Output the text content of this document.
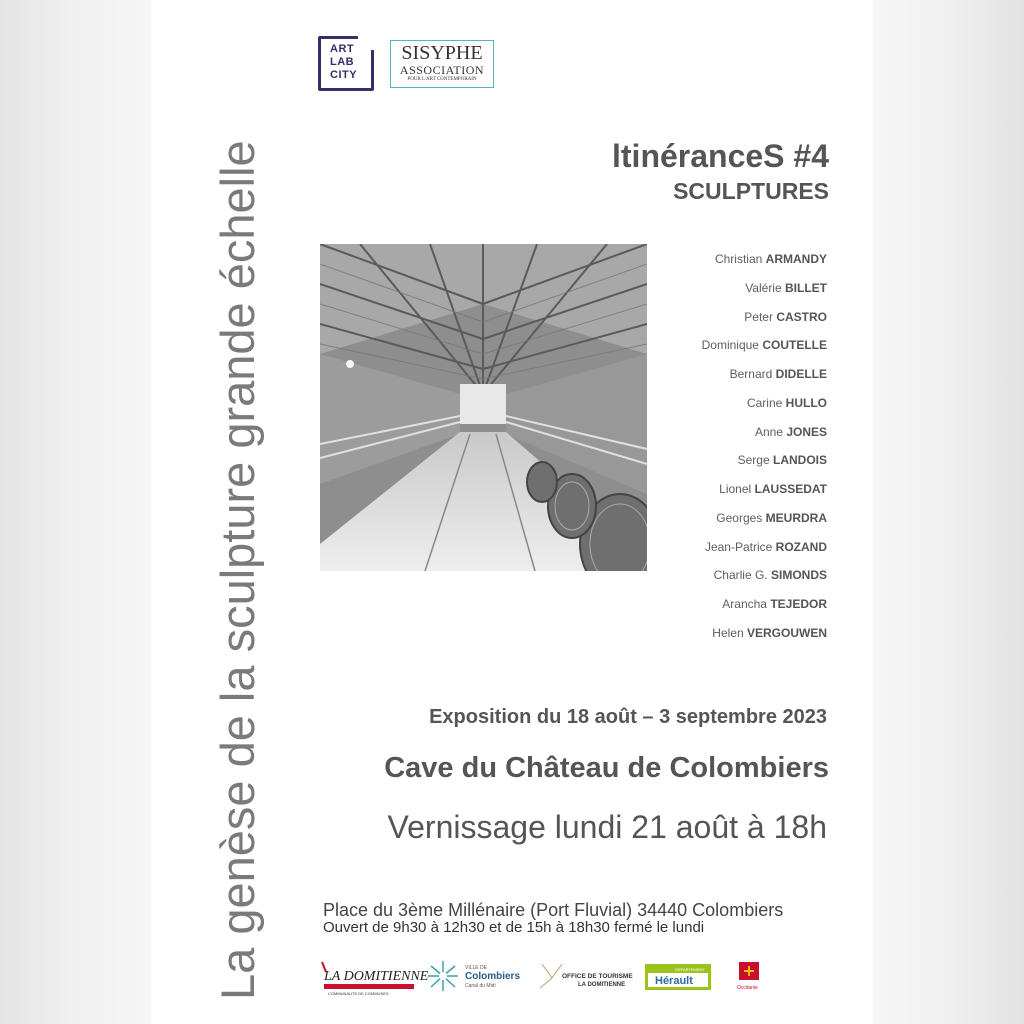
La genèse de la sculpture grande échelle
ART
LAB
CITY
SISYPHE
ASSOCIATION
POUR L'ART CONTEMPORAIN
ltinéranceS #4
SCULPTURES
Christian ARMANDY
Valérie BILLET
Peter CASTRO
Dominique COUTELLE
Bernard DIDELLE
Carine HULLO
Anne JONES
Serge LANDOIS
Lionel LAUSSEDAT
Georges MEURDRA
Jean-Patrice ROZAND
Charlie G. SIMONDS
Arancha TEJEDOR
Helen VERGOUWEN
Exposition du 18 août – 3 septembre 2023
Cave du Château de Colombiers
Vernissage lundi 21 août à 18h
Place du 3ème Millénaire (Port Fluvial) 34440 Colombiers
Ouvert de 9h30 à 12h30 et de 15h à 18h30 fermé le lundi
LA DOMITIENNE
COMMUNAUTE DE COMMUNES
VILLE DE
Colombiers
Canal du Midi
OFFICE DE TOURISME
LA DOMITIENNE
DÉPARTEMENT
Hérault
Occitanie
